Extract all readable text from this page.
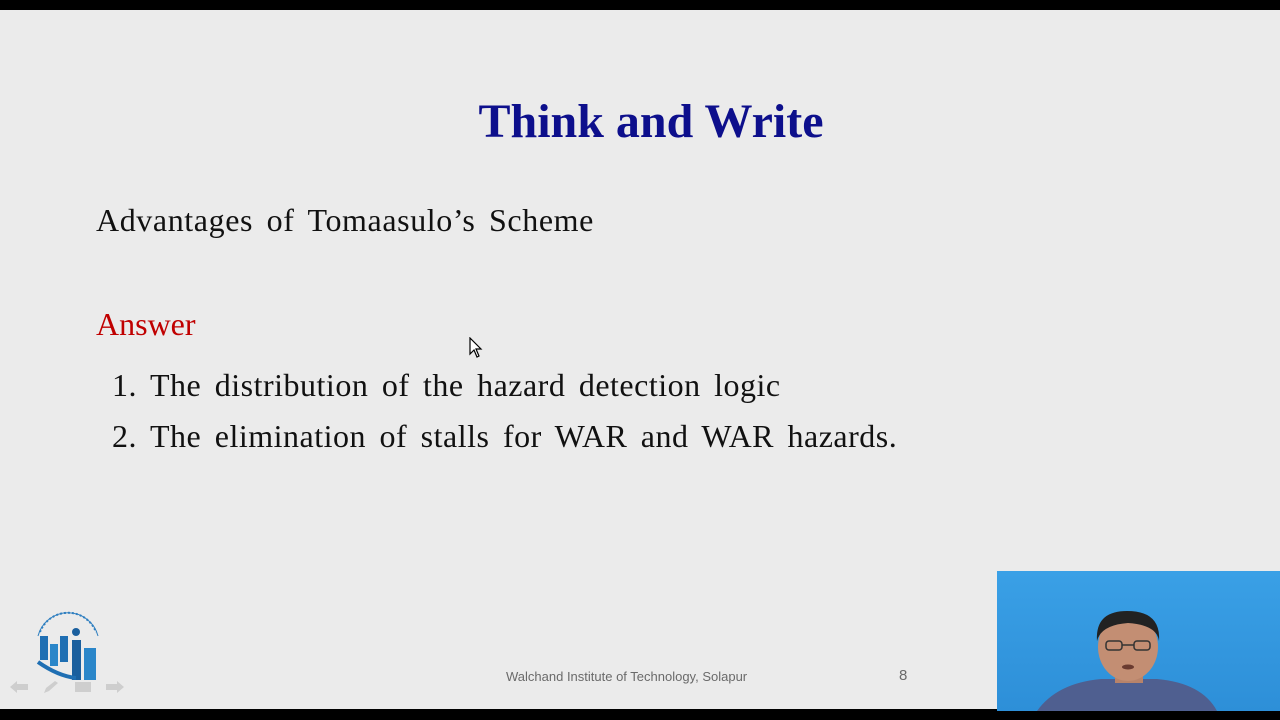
Think and Write
Advantages of Tomaasulo’s Scheme
Answer
1. The distribution of the hazard detection logic
2. The elimination of stalls for WAR and WAR hazards.
Walchand Institute of Technology, Solapur	8
